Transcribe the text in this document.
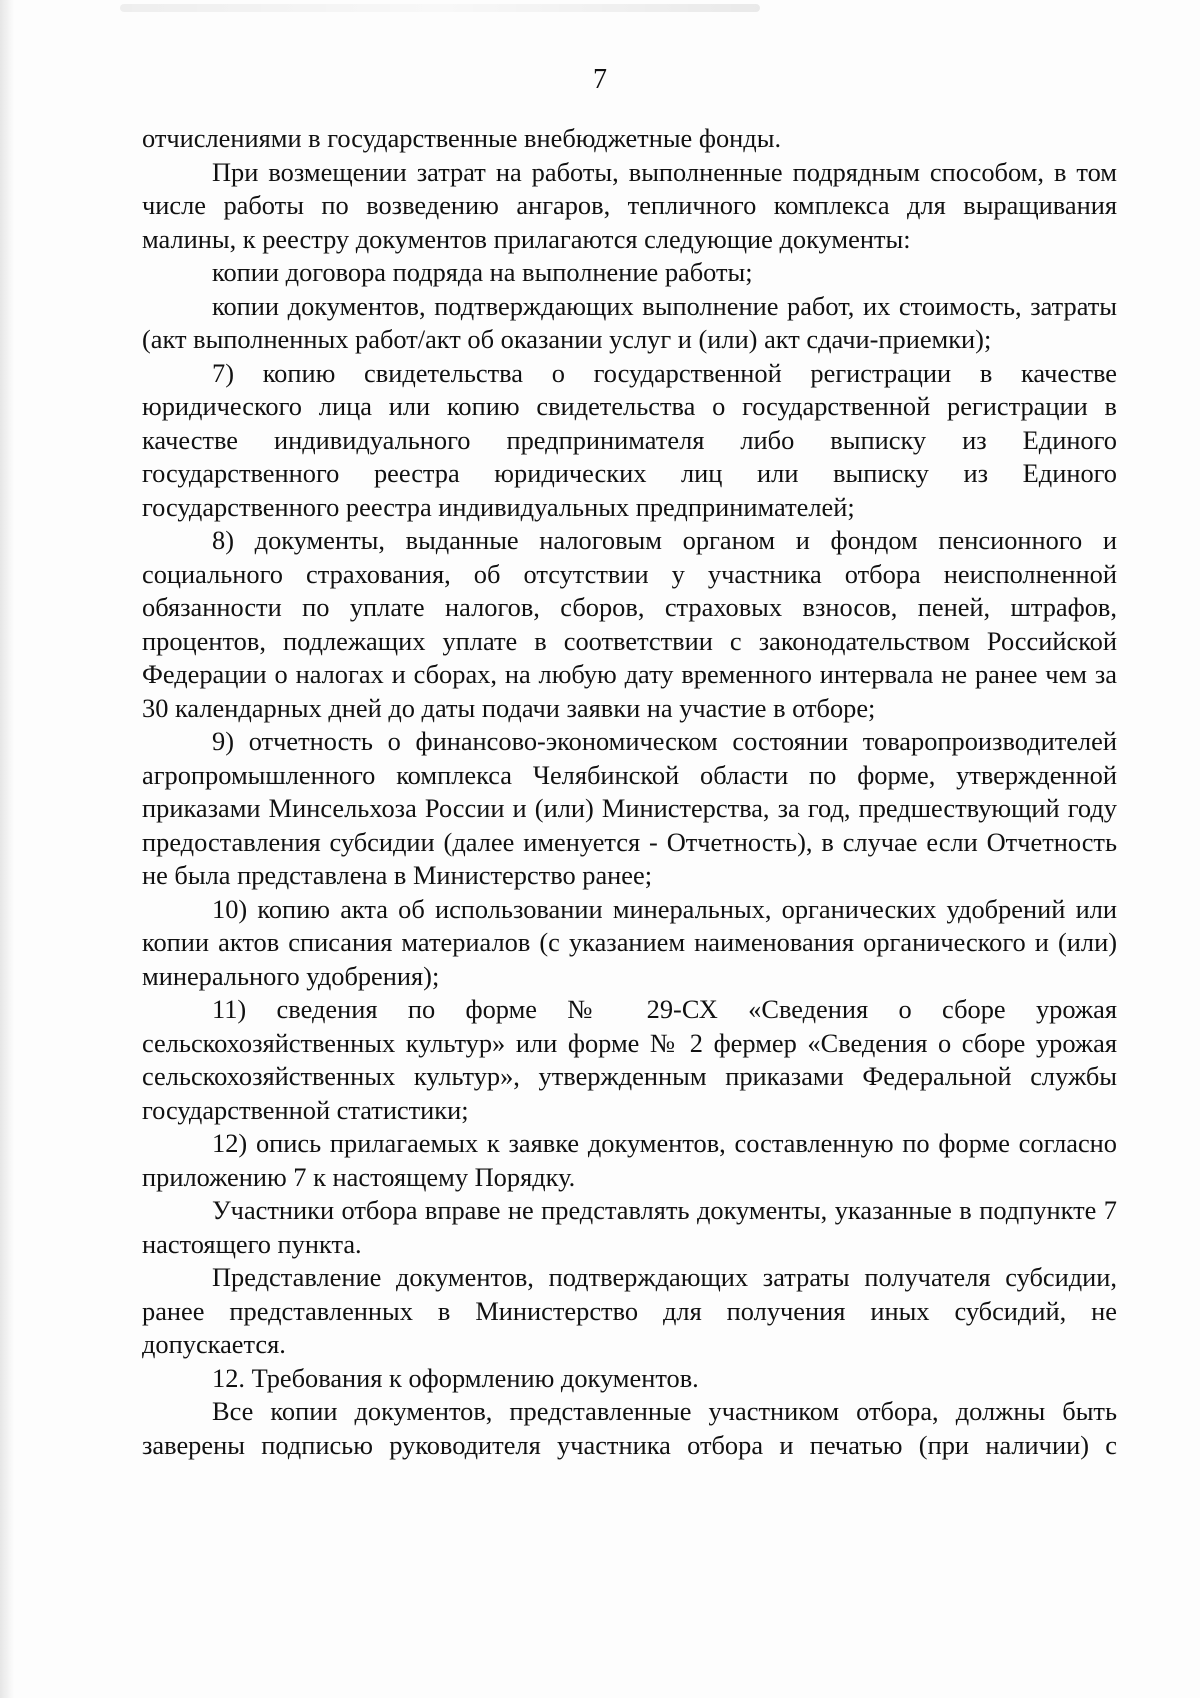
7

отчислениями в государственные внебюджетные фонды.

При возмещении затрат на работы, выполненные подрядным способом, в том числе работы по возведению ангаров, тепличного комплекса для выращивания малины, к реестру документов прилагаются следующие документы:

копии договора подряда на выполнение работы;

копии документов, подтверждающих выполнение работ, их стоимость, затраты (акт выполненных работ/акт об оказании услуг и (или) акт сдачи-приемки);

7) копию свидетельства о государственной регистрации в качестве юридического лица или копию свидетельства о государственной регистрации в качестве индивидуального предпринимателя либо выписку из Единого государственного реестра юридических лиц или выписку из Единого государственного реестра индивидуальных предпринимателей;

8) документы, выданные налоговым органом и фондом пенсионного и социального страхования, об отсутствии у участника отбора неисполненной обязанности по уплате налогов, сборов, страховых взносов, пеней, штрафов, процентов, подлежащих уплате в соответствии с законодательством Российской Федерации о налогах и сборах, на любую дату временного интервала не ранее чем за 30 календарных дней до даты подачи заявки на участие в отборе;

9) отчетность о финансово-экономическом состоянии товаропроизводителей агропромышленного комплекса Челябинской области по форме, утвержденной приказами Минсельхоза России и (или) Министерства, за год, предшествующий году предоставления субсидии (далее именуется - Отчетность), в случае если Отчетность не была представлена в Министерство ранее;

10) копию акта об использовании минеральных, органических удобрений или копии актов списания материалов (с указанием наименования органического и (или) минерального удобрения);

11) сведения по форме № 29-СХ «Сведения о сборе урожая сельскохозяйственных культур» или форме № 2 фермер «Сведения о сборе урожая сельскохозяйственных культур», утвержденным приказами Федеральной службы государственной статистики;

12) опись прилагаемых к заявке документов, составленную по форме согласно приложению 7 к настоящему Порядку.

Участники отбора вправе не представлять документы, указанные в подпункте 7 настоящего пункта.

Представление документов, подтверждающих затраты получателя субсидии, ранее представленных в Министерство для получения иных субсидий, не допускается.

12. Требования к оформлению документов.

Все копии документов, представленные участником отбора, должны быть заверены подписью руководителя участника отбора и печатью (при наличии) с
